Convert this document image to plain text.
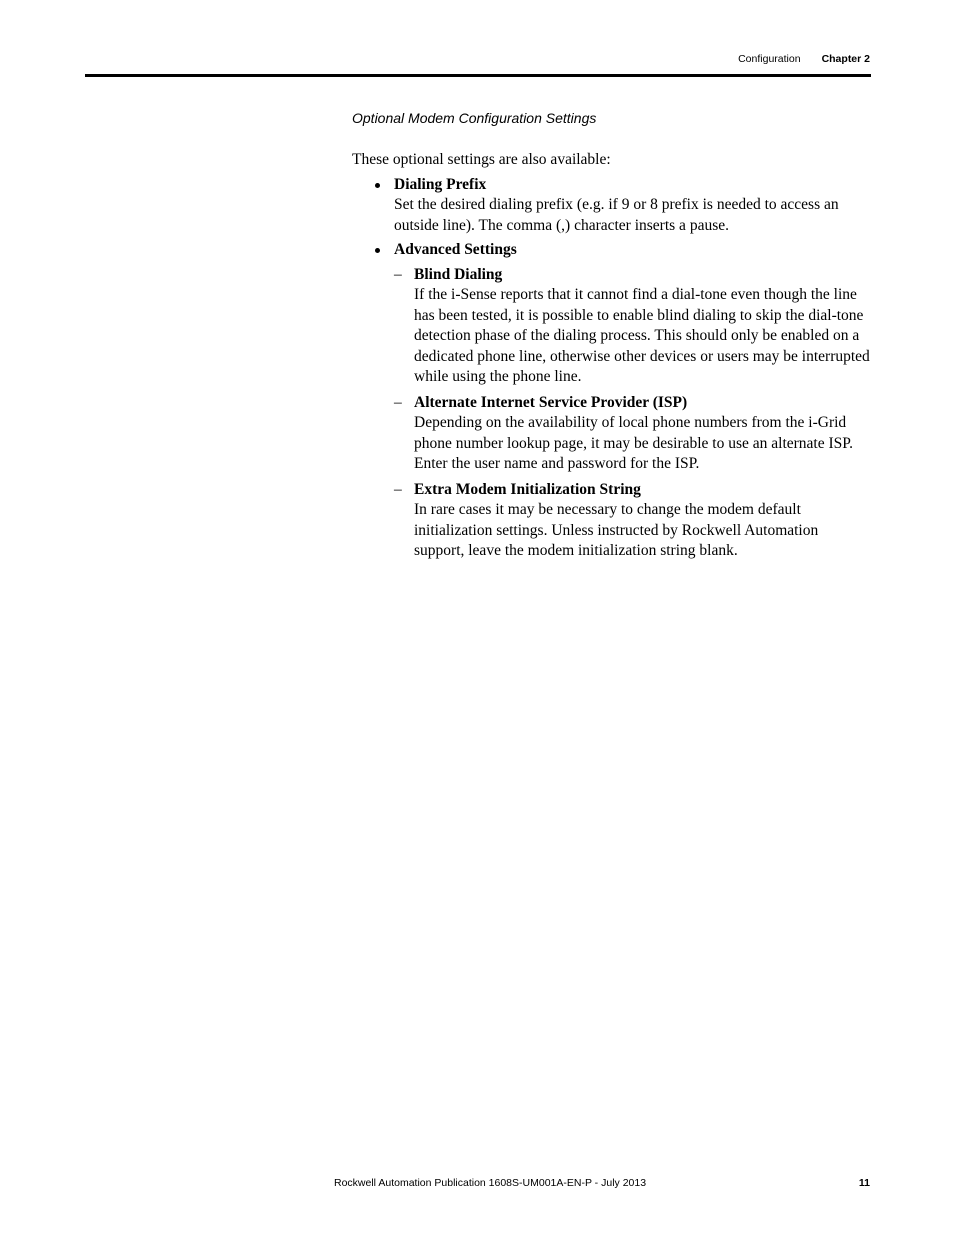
Configuration Chapter 2
Optional Modem Configuration Settings
These optional settings are also available:
Dialing Prefix
Set the desired dialing prefix (e.g. if 9 or 8 prefix is needed to access an outside line). The comma (,) character inserts a pause.
Advanced Settings
– Blind Dialing
If the i-Sense reports that it cannot find a dial-tone even though the line has been tested, it is possible to enable blind dialing to skip the dial-tone detection phase of the dialing process. This should only be enabled on a dedicated phone line, otherwise other devices or users may be interrupted while using the phone line.
– Alternate Internet Service Provider (ISP)
Depending on the availability of local phone numbers from the i-Grid phone number lookup page, it may be desirable to use an alternate ISP. Enter the user name and password for the ISP.
– Extra Modem Initialization String
In rare cases it may be necessary to change the modem default initialization settings. Unless instructed by Rockwell Automation support, leave the modem initialization string blank.
Rockwell Automation Publication 1608S-UM001A-EN-P - July 2013	11
